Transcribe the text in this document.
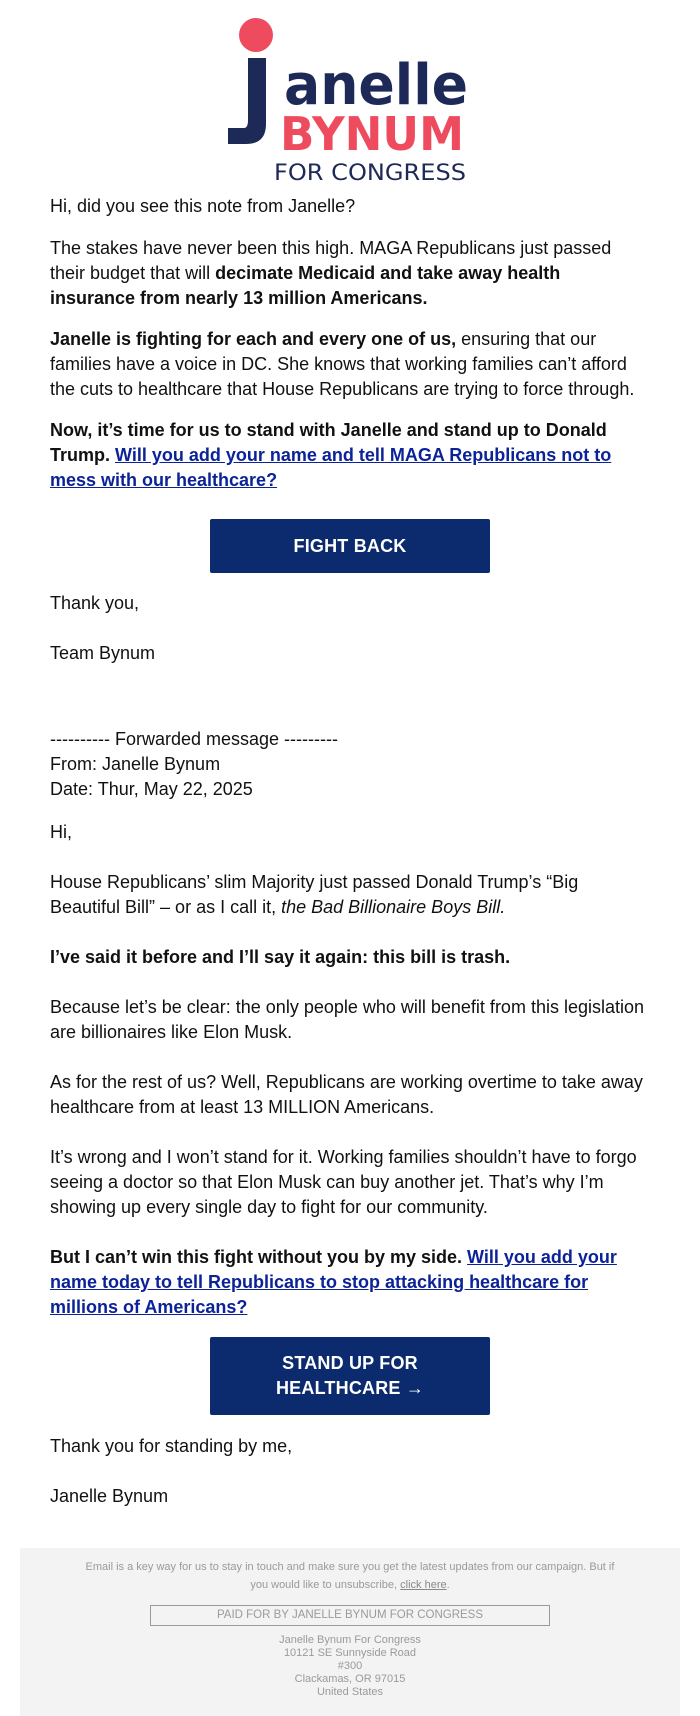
anelle
BYNUM
FOR CONGRESS

Hi, did you see this note from Janelle?

The stakes have never been this high. MAGA Republicans just passed their budget that will decimate Medicaid and take away health insurance from nearly 13 million Americans.

Janelle is fighting for each and every one of us, ensuring that our families have a voice in DC. She knows that working families can’t afford the cuts to healthcare that House Republicans are trying to force through.

Now, it’s time for us to stand with Janelle and stand up to Donald Trump. Will you add your name and tell MAGA Republicans not to mess with our healthcare?

FIGHT BACK

Thank you,

Team Bynum

---------- Forwarded message ---------

From: Janelle Bynum

Date: Thur, May 22, 2025

Hi,

House Republicans’ slim Majority just passed Donald Trump’s “Big Beautiful Bill” – or as I call it, the Bad Billionaire Boys Bill.

I’ve said it before and I’ll say it again: this bill is trash.

Because let’s be clear: the only people who will benefit from this legislation are billionaires like Elon Musk.

As for the rest of us? Well, Republicans are working overtime to take away healthcare from at least 13 MILLION Americans.

It’s wrong and I won’t stand for it. Working families shouldn’t have to forgo seeing a doctor so that Elon Musk can buy another jet. That’s why I’m showing up every single day to fight for our community.

But I can’t win this fight without you by my side. Will you add your name today to tell Republicans to stop attacking healthcare for millions of Americans?

STAND UP FOR
HEALTHCARE →

Thank you for standing by me,

Janelle Bynum

Email is a key way for us to stay in touch and make sure you get the latest updates from our campaign. But if you would like to unsubscribe, click here.

PAID FOR BY JANELLE BYNUM FOR CONGRESS
Janelle Bynum For Congress
10121 SE Sunnyside Road
#300
Clackamas, OR 97015
United States
